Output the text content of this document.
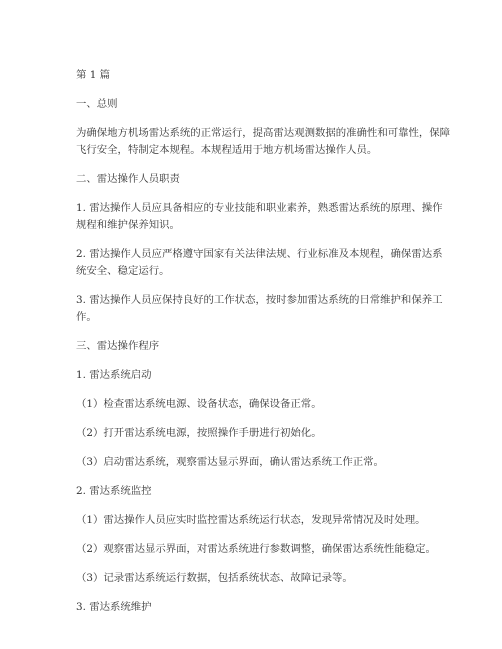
第 1 篇
一、总则
为确保地方机场雷达系统的正常运行，提高雷达观测数据的准确性和可靠性，保障
飞行安全，特制定本规程。本规程适用于地方机场雷达操作人员。
二、雷达操作人员职责
1. 雷达操作人员应具备相应的专业技能和职业素养，熟悉雷达系统的原理、操作
规程和维护保养知识。
2. 雷达操作人员应严格遵守国家有关法律法规、行业标准及本规程，确保雷达系
统安全、稳定运行。
3. 雷达操作人员应保持良好的工作状态，按时参加雷达系统的日常维护和保养工
作。
三、雷达操作程序
1. 雷达系统启动
（1）检查雷达系统电源、设备状态，确保设备正常。
（2）打开雷达系统电源，按照操作手册进行初始化。
（3）启动雷达系统，观察雷达显示界面，确认雷达系统工作正常。
2. 雷达系统监控
（1）雷达操作人员应实时监控雷达系统运行状态，发现异常情况及时处理。
（2）观察雷达显示界面，对雷达系统进行参数调整，确保雷达系统性能稳定。
（3）记录雷达系统运行数据，包括系统状态、故障记录等。
3. 雷达系统维护
